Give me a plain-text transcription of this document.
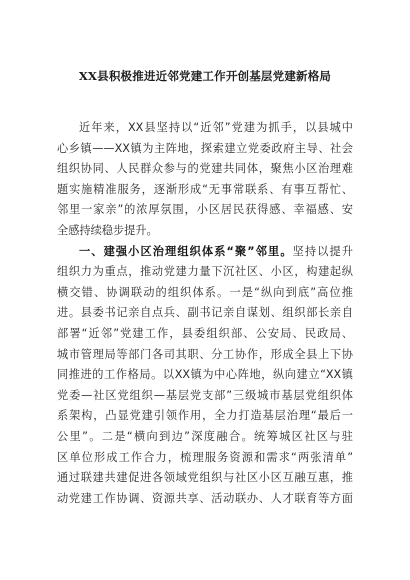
XX县积极推进近邻党建工作开创基层党建新格局
近年来，XX县坚持以“近邻”党建为抓手，以县城中
心乡镇——XX镇为主阵地，探索建立党委政府主导、社会
组织协同、人民群众参与的党建共同体，聚焦小区治理难
题实施精准服务，逐渐形成“无事常联系、有事互帮忙、
邻里一家亲”的浓厚氛围，小区居民获得感、幸福感、安
全感持续稳步提升。
一、建强小区治理组织体系“聚”邻里。坚持以提升
组织力为重点，推动党建力量下沉社区、小区，构建起纵
横交错、协调联动的组织体系。一是“纵向到底”高位推
进。县委书记亲自点兵、副书记亲自谋划、组织部长亲自
部署“近邻”党建工作，县委组织部、公安局、民政局、
城市管理局等部门各司其职、分工协作，形成全县上下协
同推进的工作格局。以XX镇为中心阵地，纵向建立“XX镇
党委—社区党组织—基层党支部”三级城市基层党组织体
系架构，凸显党建引领作用，全力打造基层治理“最后一
公里”。二是“横向到边”深度融合。统筹城区社区与驻
区单位形成工作合力，梳理服务资源和需求“两张清单”
通过联建共建促进各领域党组织与社区小区互融互惠，推
动党建工作协调、资源共享、活动联办、人才联育等方面
